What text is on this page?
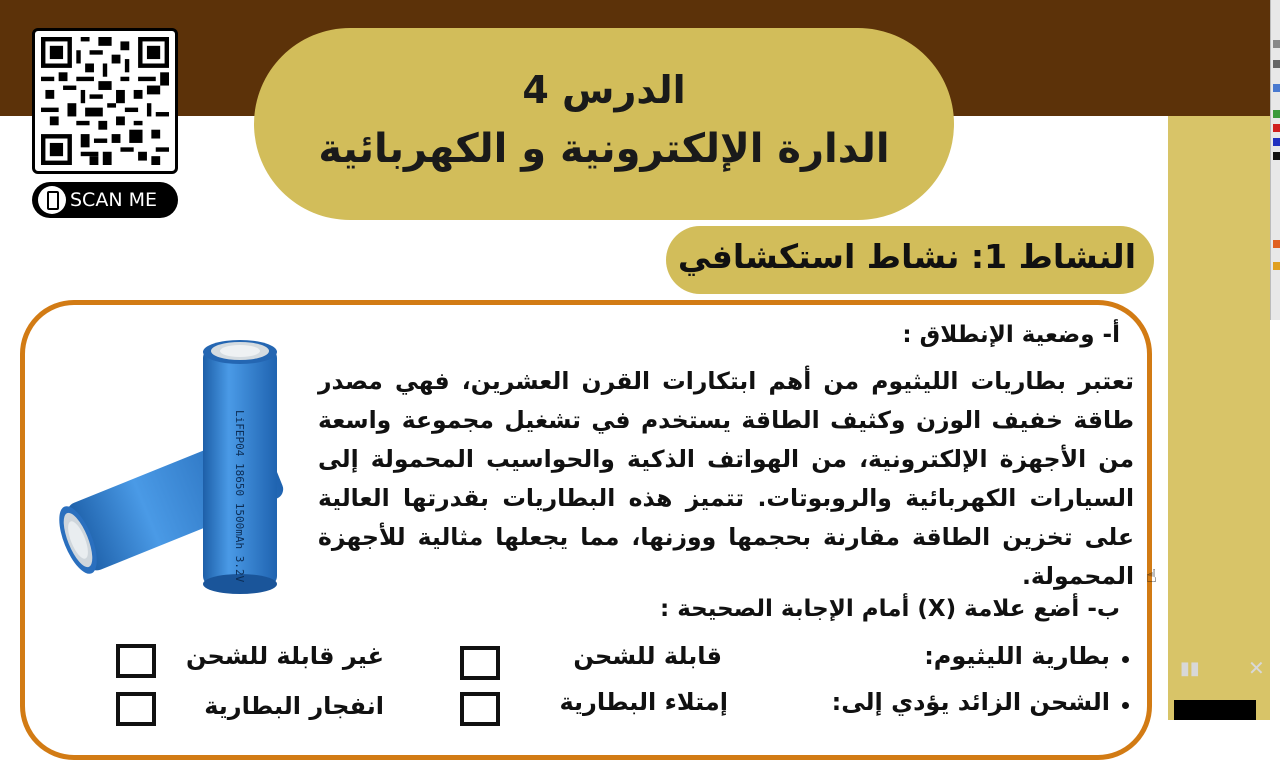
SCAN ME
الدرس 4
الدارة الإلكترونية و الكهربائية
النشاط 1: نشاط استكشافي
LiFEP04 18650 1500mAh 3.2V
أ- وضعية الإنطلاق :
تعتبر بطاريات الليثيوم من أهم ابتكارات القرن العشرين، فهي مصدر طاقة خفيف الوزن وكثيف الطاقة يستخدم في تشغيل مجموعة واسعة من الأجهزة الإلكترونية، من الهواتف الذكية والحواسيب المحمولة إلى السيارات الكهربائية والروبوتات. تتميز هذه البطاريات بقدرتها العالية على تخزين الطاقة مقارنة بحجمها ووزنها، مما يجعلها مثالية للأجهزة المحمولة.
ب- أضع علامة (X) أمام الإجابة الصحيحة :
بطارية الليثيوم:
قابلة للشحن
غير قابلة للشحن
الشحن الزائد يؤدي إلى:
إمتلاء البطارية
انفجار البطارية
▮▮ ✕
☝
